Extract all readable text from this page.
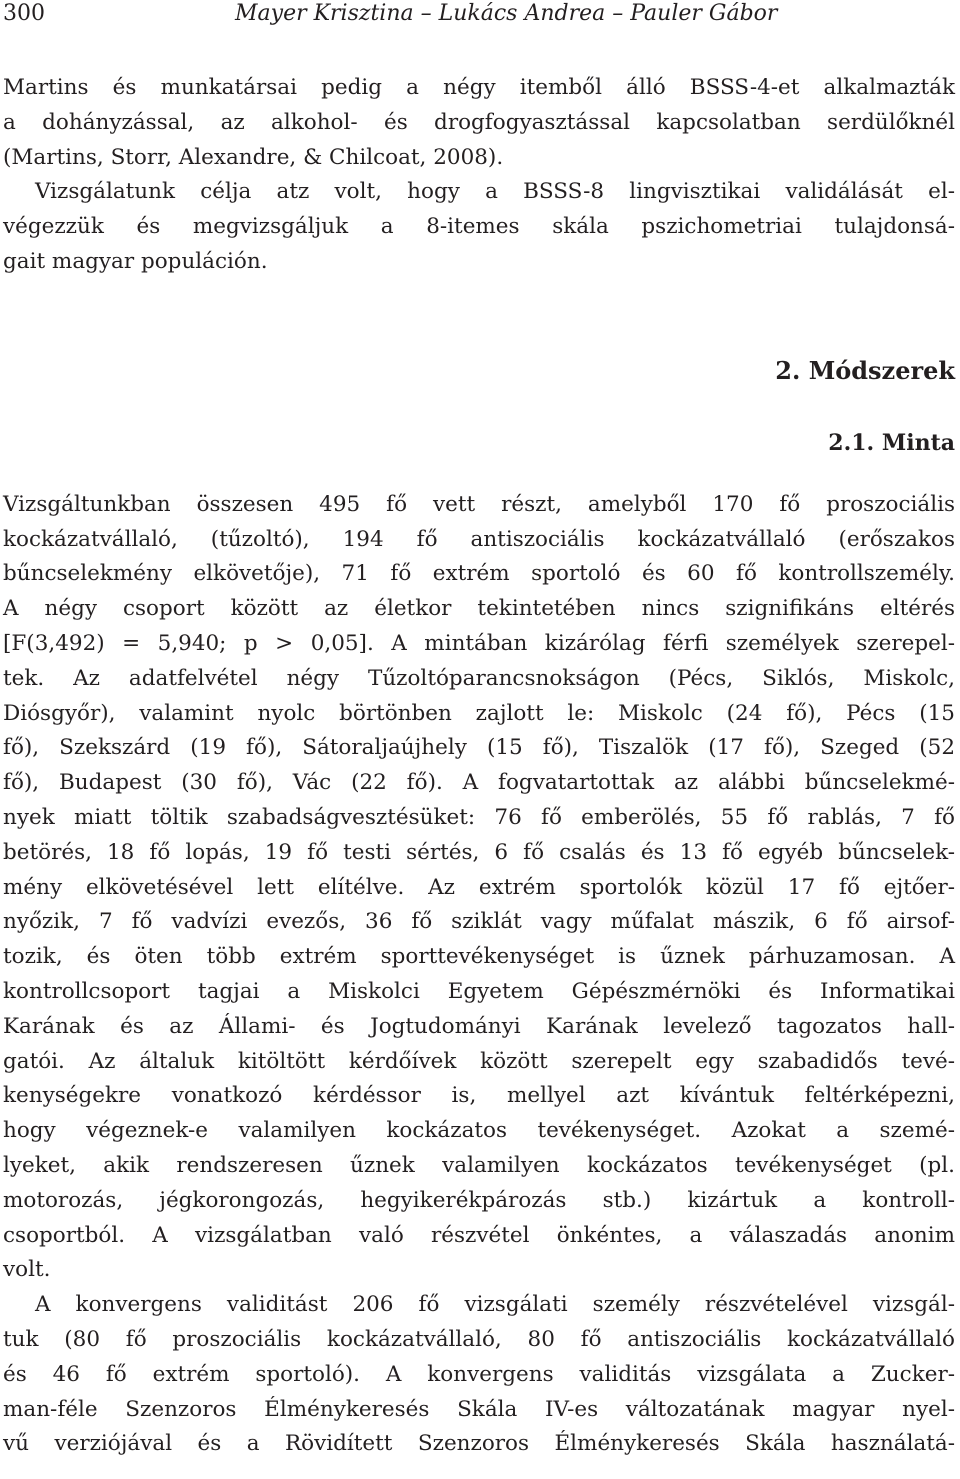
300	Mayer Krisztina – Lukács Andrea – Pauler Gábor
Martins és munkatársai pedig a négy itemből álló BSSS-4-et alkalmazták
a dohányzással, az alkohol- és drogfogyasztással kapcsolatban serdülőknél
(Martins, Storr, Alexandre, & Chilcoat, 2008).
Vizsgálatunk célja atz volt, hogy a BSSS-8 lingvisztikai validálását el-
végezzük és megvizsgáljuk a 8-itemes skála pszichometriai tulajdonsá-
gait magyar populáción.
2. Módszerek
2.1. Minta
Vizsgáltunkban összesen 495 fő vett részt, amelyből 170 fő proszociális
kockázatvállaló, (tűzoltó), 194 fő antiszociális kockázatvállaló (erőszakos
bűncselekmény elkövetője), 71 fő extrém sportoló és 60 fő kontrollszemély.
A négy csoport között az életkor tekintetében nincs szignifikáns eltérés
[F(3,492) = 5,940; p > 0,05]. A mintában kizárólag férfi személyek szerepel-
tek. Az adatfelvétel négy Tűzoltóparancsnokságon (Pécs, Siklós, Miskolc,
Diósgyőr), valamint nyolc börtönben zajlott le: Miskolc (24 fő), Pécs (15
fő), Szekszárd (19 fő), Sátoraljaújhely (15 fő), Tiszalök (17 fő), Szeged (52
fő), Budapest (30 fő), Vác (22 fő). A fogvatartottak az alábbi bűncselekmé-
nyek miatt töltik szabadságvesztésüket: 76 fő emberölés, 55 fő rablás, 7 fő
betörés, 18 fő lopás, 19 fő testi sértés, 6 fő csalás és 13 fő egyéb bűncselek-
mény elkövetésével lett elítélve. Az extrém sportolók közül 17 fő ejtőer-
nyőzik, 7 fő vadvízi evezős, 36 fő sziklát vagy műfalat mászik, 6 fő airsof-
tozik, és öten több extrém sporttevékenységet is űznek párhuzamosan. A
kontrollcsoport tagjai a Miskolci Egyetem Gépészmérnöki és Informatikai
Karának és az Állami- és Jogtudományi Karának levelező tagozatos hall-
gatói. Az általuk kitöltött kérdőívek között szerepelt egy szabadidős tevé-
kenységekre vonatkozó kérdéssor is, mellyel azt kívántuk feltérképezni,
hogy végeznek-e valamilyen kockázatos tevékenységet. Azokat a szemé-
lyeket, akik rendszeresen űznek valamilyen kockázatos tevékenységet (pl.
motorozás, jégkorongozás, hegyikerékpározás stb.) kizártuk a kontroll-
csoportból. A vizsgálatban való részvétel önkéntes, a válaszadás anonim
volt.
A konvergens validitást 206 fő vizsgálati személy részvételével vizsgál-
tuk (80 fő proszociális kockázatvállaló, 80 fő antiszociális kockázatvállaló
és 46 fő extrém sportoló). A konvergens validitás vizsgálata a Zucker-
man-féle Szenzoros Élménykeresés Skála IV-es változatának magyar nyel-
vű verziójával és a Rövidített Szenzoros Élménykeresés Skála használatá-
